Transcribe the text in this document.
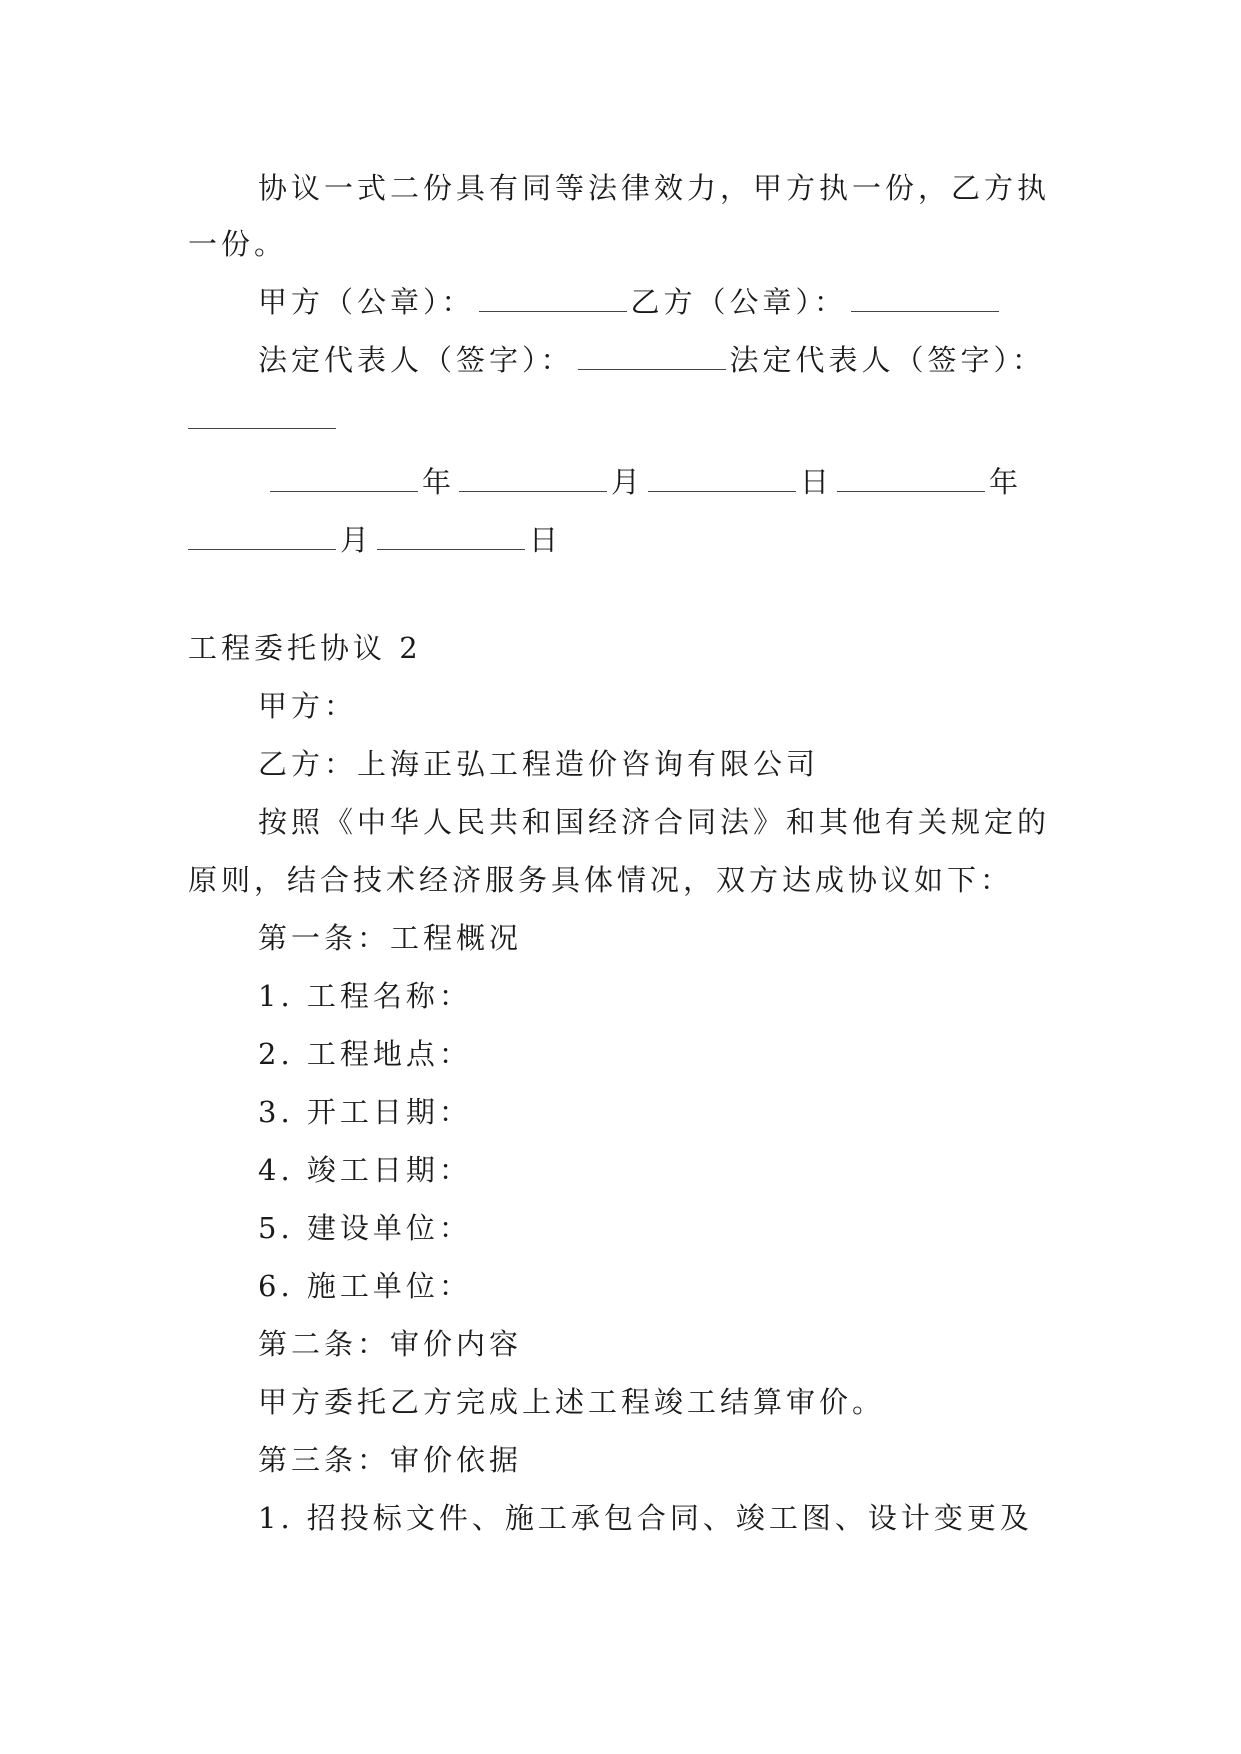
协议一式二份具有同等法律效力，甲方执一份，乙方执
一份。
甲方（公章）：	乙方（公章）：
法定代表人（签字）：	法定代表人（签字）：
年	月	日	年
月	日
工程委托协议 2
甲方：
乙方：上海正弘工程造价咨询有限公司
按照《中华人民共和国经济合同法》和其他有关规定的
原则，结合技术经济服务具体情况，双方达成协议如下：
第一条：工程概况
1. 工程名称：
2. 工程地点：
3. 开工日期：
4. 竣工日期：
5. 建设单位：
6. 施工单位：
第二条：审价内容
甲方委托乙方完成上述工程竣工结算审价。
第三条：审价依据
1. 招投标文件、施工承包合同、竣工图、设计变更及
